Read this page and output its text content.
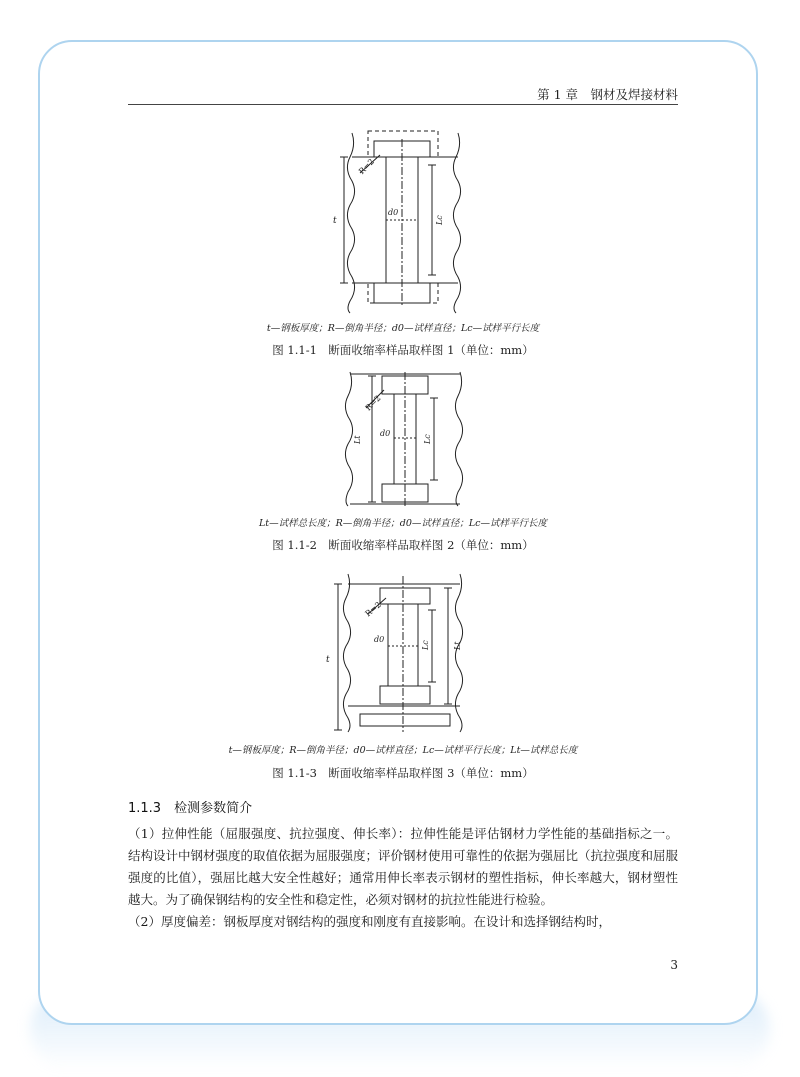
第 1 章　钢材及焊接材料
R=2
t
d0
Lc
t—钢板厚度；R—倒角半径；d0—试样直径；Lc—试样平行长度
图 1.1-1　断面收缩率样品取样图 1（单位：mm）
R=2
Lt
d0
Lc
Lt—试样总长度；R—倒角半径；d0—试样直径；Lc—试样平行长度
图 1.1-2　断面收缩率样品取样图 2（单位：mm）
R=2
t
d0
Lc	Lt
t—钢板厚度；R—倒角半径；d0—试样直径；Lc—试样平行长度；Lt—试样总长度
图 1.1-3　断面收缩率样品取样图 3（单位：mm）
1.1.3　检测参数简介

（1）拉伸性能（屈服强度、抗拉强度、伸长率）：拉伸性能是评估钢材力学性能的基础指标之一。结构设计中钢材强度的取值依据为屈服强度；评价钢材使用可靠性的依据为强屈比（抗拉强度和屈服强度的比值），强屈比越大安全性越好；通常用伸长率表示钢材的塑性指标，伸长率越大，钢材塑性越大。为了确保钢结构的安全性和稳定性，必须对钢材的抗拉性能进行检验。

（2）厚度偏差：钢板厚度对钢结构的强度和刚度有直接影响。在设计和选择钢结构时，

3
